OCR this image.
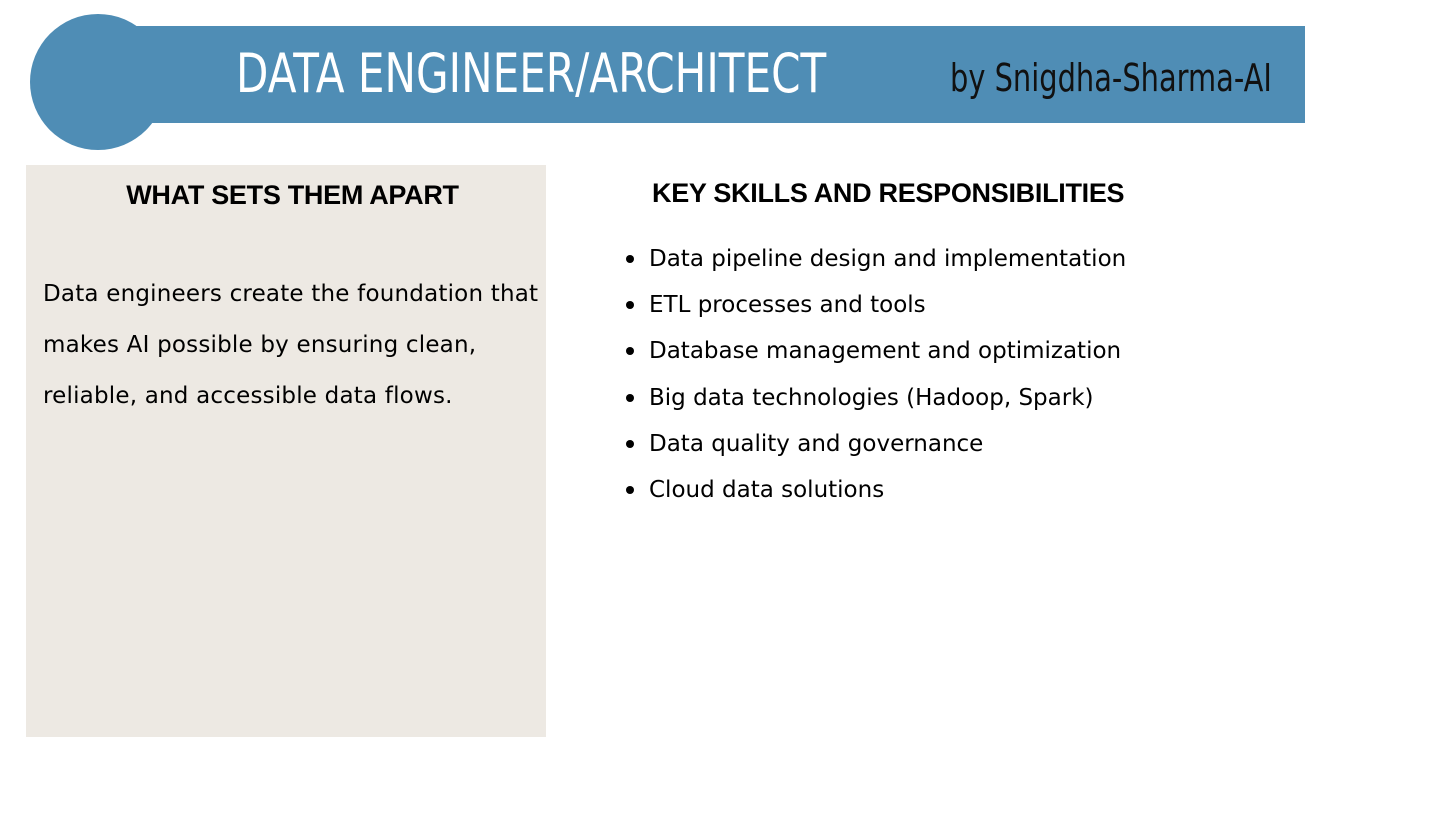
DATA ENGINEER/ARCHITECT	by Snigdha-Sharma-AI
WHAT SETS THEM APART
Data engineers create the foundation that makes AI possible by ensuring clean, reliable, and accessible data flows.
KEY SKILLS AND RESPONSIBILITIES
Data pipeline design and implementation
ETL processes and tools
Database management and optimization
Big data technologies (Hadoop, Spark)
Data quality and governance
Cloud data solutions
